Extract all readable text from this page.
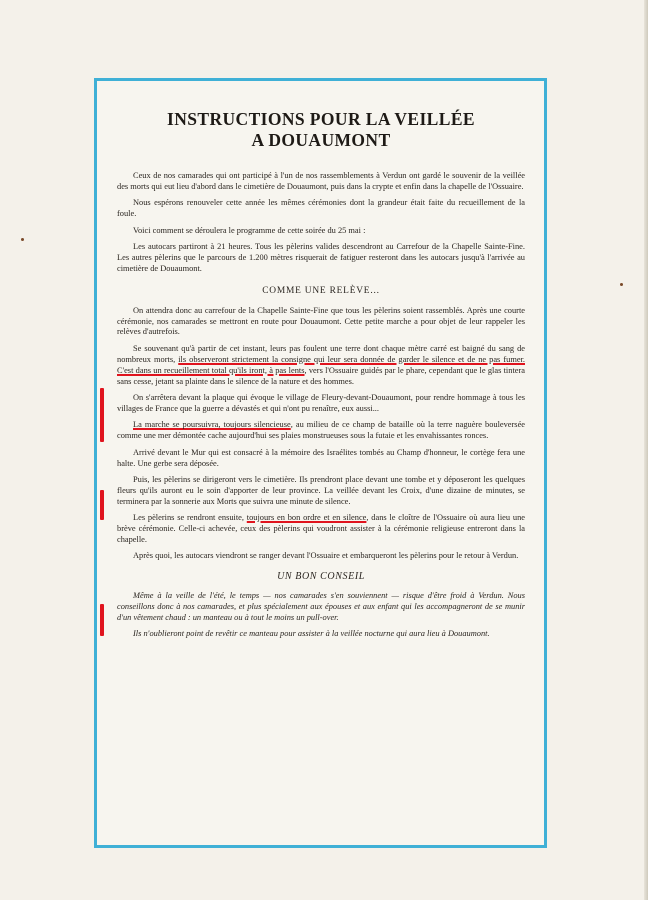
INSTRUCTIONS POUR LA VEILLÉE
A DOUAUMONT

Ceux de nos camarades qui ont participé à l'un de nos rassemblements à Verdun ont gardé le souvenir de la veillée des morts qui eut lieu d'abord dans le cimetière de Douaumont, puis dans la crypte et enfin dans la chapelle de l'Ossuaire.

Nous espérons renouveler cette année les mêmes cérémonies dont la grandeur était faite du recueillement de la foule.

Voici comment se déroulera le programme de cette soirée du 25 mai :

Les autocars partiront à 21 heures. Tous les pèlerins valides descendront au Carrefour de la Chapelle Sainte-Fine. Les autres pèlerins que le parcours de 1.200 mètres risquerait de fatiguer resteront dans les autocars jusqu'à l'arrivée au cimetière de Douaumont.

COMME UNE RELÈVE...

On attendra donc au carrefour de la Chapelle Sainte-Fine que tous les pèlerins soient rassemblés. Après une courte cérémonie, nos camarades se mettront en route pour Douaumont. Cette petite marche a pour objet de leur rappeler les relèves d'autrefois.

Se souvenant qu'à partir de cet instant, leurs pas foulent une terre dont chaque mètre carré est baigné du sang de nombreux morts, ils observeront strictement la consigne qui leur sera donnée de garder le silence et de ne pas fumer. C'est dans un recueillement total qu'ils iront, à pas lents, vers l'Ossuaire guidés par le phare, cependant que le glas tintera sans cesse, jetant sa plainte dans le silence de la nature et des hommes.

On s'arrêtera devant la plaque qui évoque le village de Fleury-devant-Douaumont, pour rendre hommage à tous les villages de France que la guerre a dévastés et qui n'ont pu renaître, eux aussi...

La marche se poursuivra, toujours silencieuse, au milieu de ce champ de bataille où la terre naguère bouleversée comme une mer démontée cache aujourd'hui ses plaies monstrueuses sous la futaie et les envahissantes ronces.

Arrivé devant le Mur qui est consacré à la mémoire des Israélites tombés au Champ d'honneur, le cortège fera une halte. Une gerbe sera déposée.

Puis, les pèlerins se dirigeront vers le cimetière. Ils prendront place devant une tombe et y déposeront les quelques fleurs qu'ils auront eu le soin d'apporter de leur province. La veillée devant les Croix, d'une dizaine de minutes, se terminera par la sonnerie aux Morts que suivra une minute de silence.

Les pèlerins se rendront ensuite, toujours en bon ordre et en silence, dans le cloître de l'Ossuaire où aura lieu une brève cérémonie. Celle-ci achevée, ceux des pèlerins qui voudront assister à la cérémonie religieuse entreront dans la chapelle.

Après quoi, les autocars viendront se ranger devant l'Ossuaire et embarqueront les pèlerins pour le retour à Verdun.

UN BON CONSEIL

Même à la veille de l'été, le temps — nos camarades s'en souviennent — risque d'être froid à Verdun. Nous conseillons donc à nos camarades, et plus spécialement aux épouses et aux enfant qui les accompagneront de se munir d'un vêtement chaud : un manteau ou à tout le moins un pull-over.

Ils n'oublieront point de revêtir ce manteau pour assister à la veillée nocturne qui aura lieu à Douaumont.
